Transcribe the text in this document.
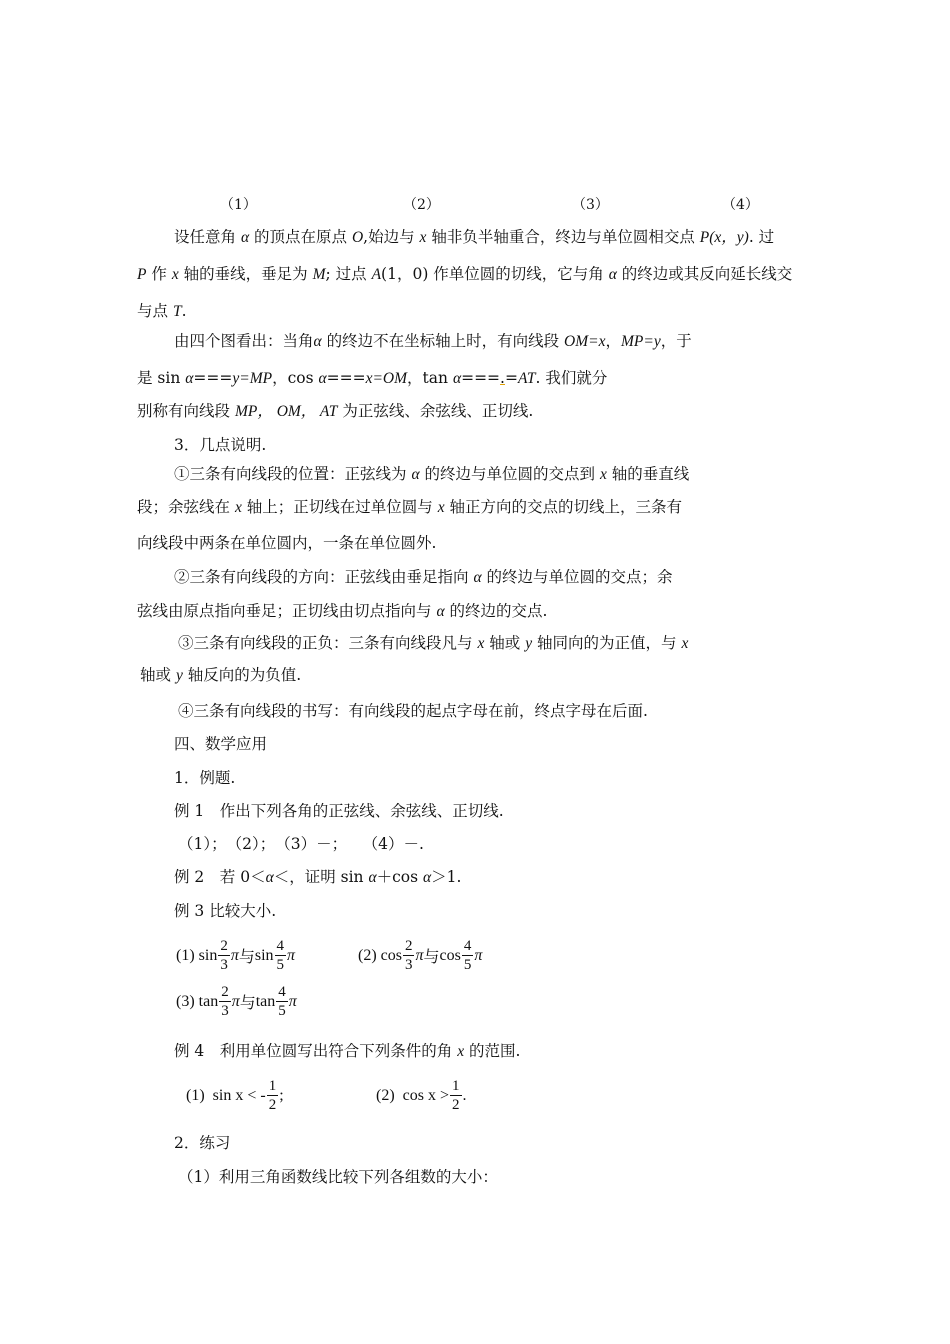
（1）	（2）	（3）	（4）
设任意角 α 的顶点在原点 O,始边与 x 轴非负半轴重合，终边与单位圆相交点 P(x，y). 过
P 作 x 轴的垂线，垂足为 M; 过点 A(1，0) 作单位圆的切线，它与角 α 的终边或其反向延长线交
与点 T.
由四个图看出：当角α 的终边不在坐标轴上时，有向线段 OM=x，MP=y，于
是 sin α===y=MP，cos α===x=OM，tan α===.=AT. 我们就分
别称有向线段 MP， OM， AT 为正弦线、余弦线、正切线.
3．几点说明.
①三条有向线段的位置：正弦线为 α 的终边与单位圆的交点到 x 轴的垂直线
段；余弦线在 x 轴上；正切线在过单位圆与 x 轴正方向的交点的切线上，三条有
向线段中两条在单位圆内，一条在单位圆外.
②三条有向线段的方向：正弦线由垂足指向 α 的终边与单位圆的交点；余
弦线由原点指向垂足；正切线由切点指向与 α 的终边的交点.
③三条有向线段的正负：三条有向线段凡与 x 轴或 y 轴同向的为正值，与 x
轴或 y 轴反向的为负值.
④三条有向线段的书写：有向线段的起点字母在前，终点字母在后面.
四、数学应用
1．例题.
例 1　作出下列各角的正弦线、余弦线、正切线.
（1）；　（2）；　（3）－；　　（4）－.
例 2　若 0＜α＜，证明 sin α＋cos α＞1.
例 3 比较大小.
(1) $\sin \frac{2}{3}$ π 与 $\sin \frac{4}{5}$ π	(2) $\cos \frac{2}{3}$ π 与 $\cos \frac{4}{5}$ π
(3) $\tan \frac{2}{3}$ π 与 $\tan \frac{4}{5}$ π
例 4　利用单位圆写出符合下列条件的角 x 的范围.
(1) sin x < - $\frac{1}{2}$ ;	(2) $\cos x > \frac{1}{2}$ .
2．练习
（1）利用三角函数线比较下列各组数的大小：
